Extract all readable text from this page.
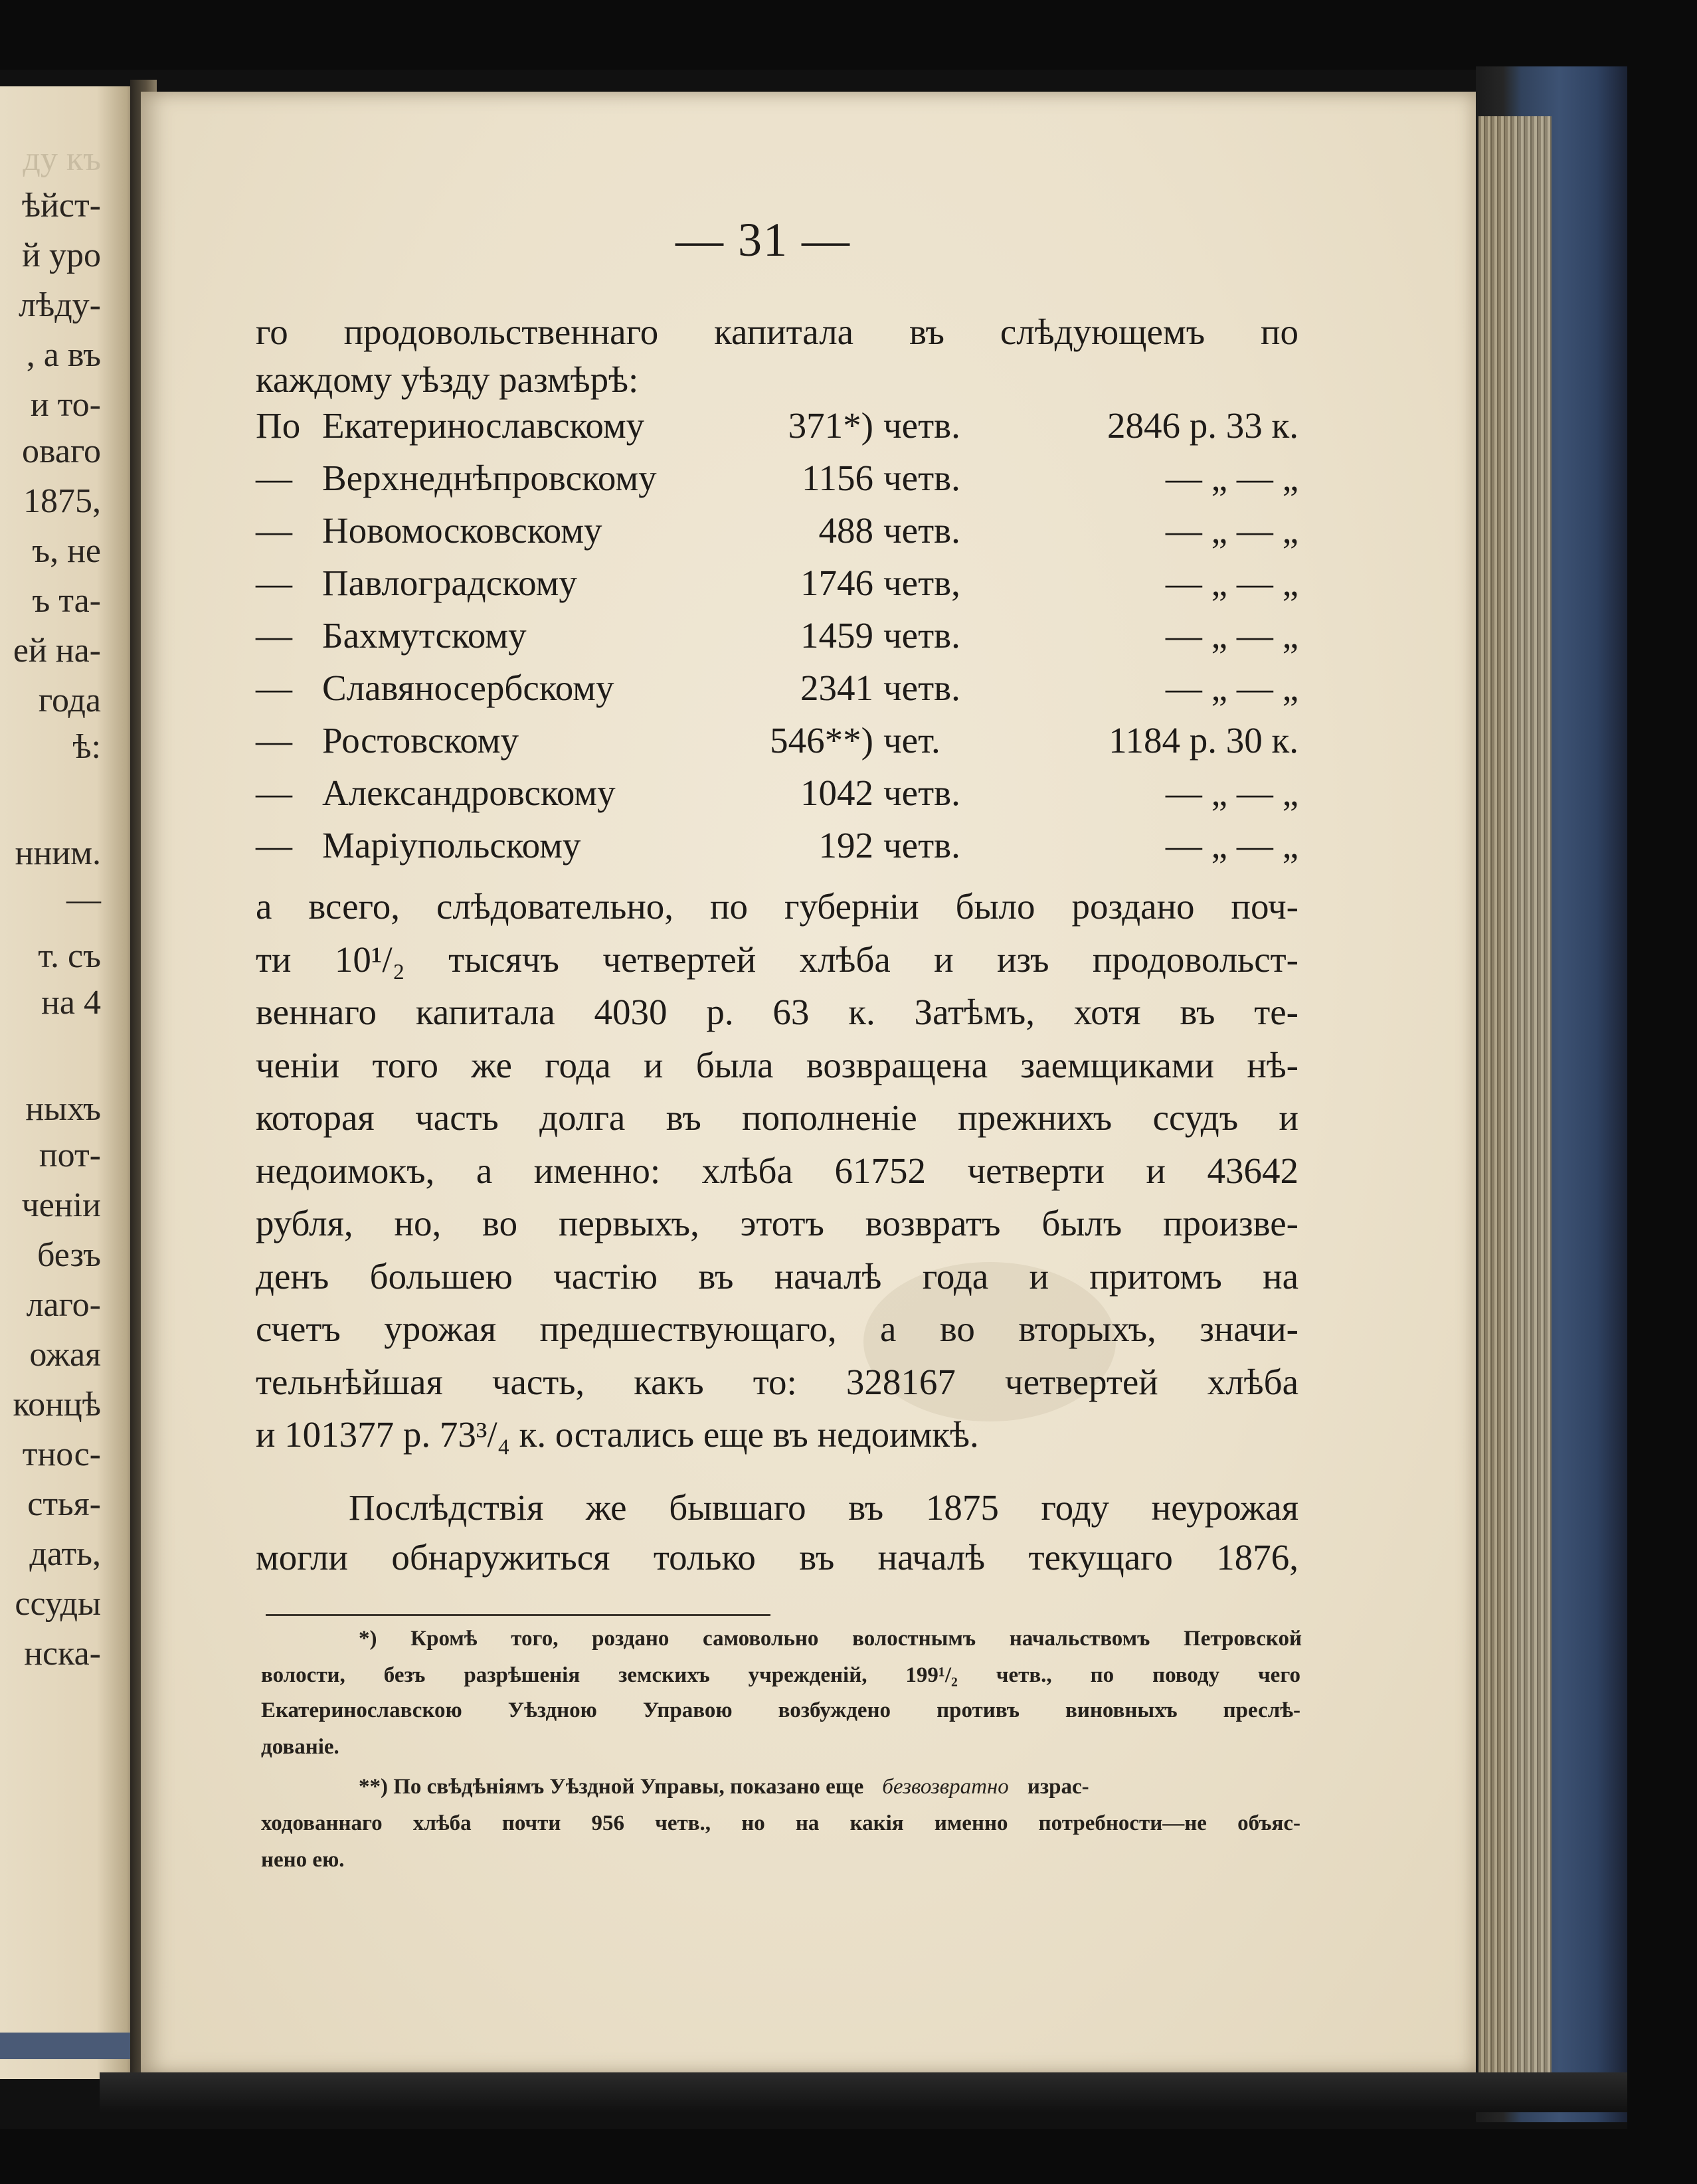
ду къ
ѣйст-
й уро
лѣду-
, а въ
и то-
оваго
1875,
ъ, не
ъ та-
ей на-
года
ѣ:
нним.
—
т. съ
на 4
ныхъ
пот-
ченіи
безъ
лаго-
ожая
концѣ
тнос-
стья-
дать,
ссуды
нска-
— 31 —
го продовольственнаго капитала въ слѣдующемъ по
каждому уѣзду размѣрѣ:
По Екатеринославскому	371*) четв.	2846 р. 33 к.
— Верхнеднѣпровскому	1156 четв.	— „ — „
— Новомосковскому	488 четв.	— „ — „
— Павлоградскому	1746 четв,	— „ — „
— Бахмутскому	1459 четв.	— „ — „
— Славяносербскому	2341 четв.	— „ — „
— Ростовскому	546**) чет.	1184 р. 30 к.
— Александровскому	1042 четв.	— „ — „
— Маріупольскому	192 четв.	— „ — „
а всего, слѣдовательно, по губерніи было роздано поч-
ти 10¹/₂ тысячъ четвертей хлѣба и изъ продовольст-
веннаго капитала 4030 р. 63 к. Затѣмъ, хотя въ те-
ченіи того же года и была возвращена заемщиками нѣ-
которая часть долга въ пополненіе прежнихъ ссудъ и
недоимокъ, а именно: хлѣба 61752 четверти и 43642
рубля, но, во первыхъ, этотъ возвратъ былъ произве-
денъ большею частію въ началѣ года и притомъ на
счетъ урожая предшествующаго, а во вторыхъ, значи-
тельнѣйшая часть, какъ то: 328167 четвертей хлѣба
и 101377 р. 73³/₄ к. остались еще въ недоимкѣ.
Послѣдствія же бывшаго въ 1875 году неурожая
могли обнаружиться только въ началѣ текущаго 1876,
*) Кромѣ того, роздано самовольно волостнымъ начальствомъ Петровской
волости, безъ разрѣшенія земскихъ учрежденій, 199¹/₂ четв., по поводу чего
Екатеринославскою Уѣздною Управою возбуждено противъ виновныхъ преслѣ-
дованіе.
**) По свѣдѣніямъ Уѣздной Управы, показано еще безвозвратно израс-
ходованнаго хлѣба почти 956 четв., но на какія именно потребности—не объяс-
нено ею.
